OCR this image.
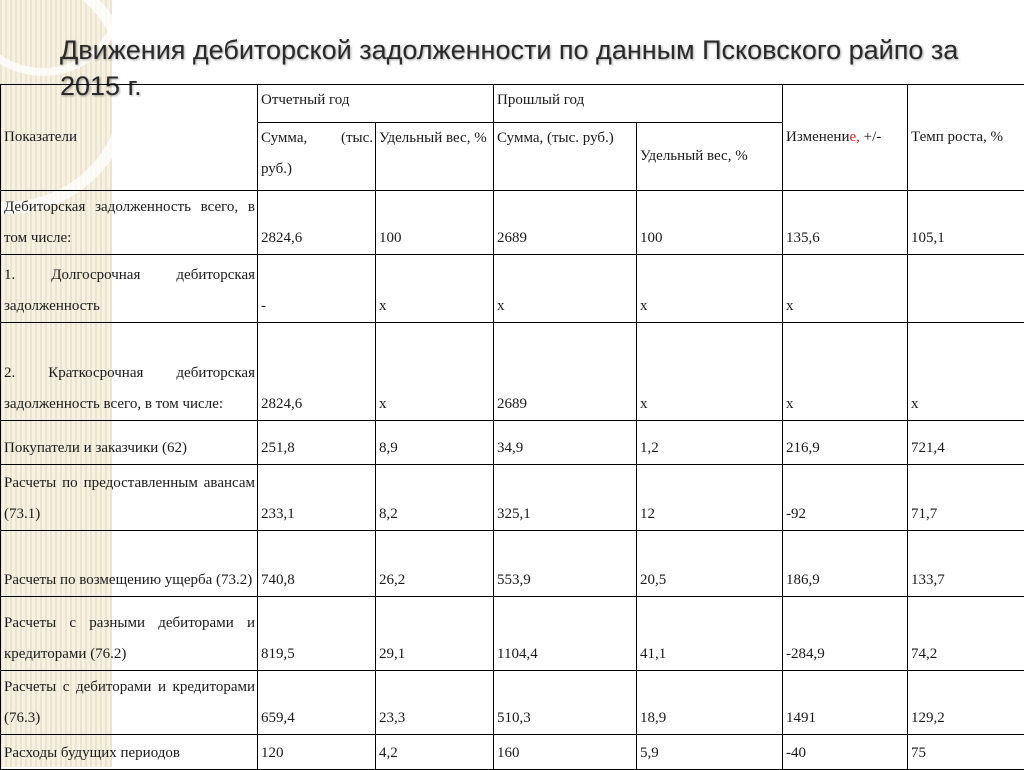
Движения дебиторской задолженности по данным Псковского райпо за 2015 г.
Показатели	Отчетный год		Прошлый год		Изменение, +/-	Темп роста, %
	Сумма, (тыс. руб.)	Удельный вес, %	Сумма, (тыс. руб.)	Удельный вес, %		
Дебиторская задолженность всего, в том числе:	2824,6	100	2689	100	135,6	105,1
1. Долгосрочная дебиторская задолженность	-	х	х	х	х	
2. Краткосрочная дебиторская задолженность всего, в том числе:	2824,6	х	2689	х	х	х
Покупатели и заказчики (62)	251,8	8,9	34,9	1,2	216,9	721,4
Расчеты по предоставленным авансам (73.1)	233,1	8,2	325,1	12	-92	71,7
Расчеты по возмещению ущерба (73.2)	740,8	26,2	553,9	20,5	186,9	133,7
Расчеты с разными дебиторами и кредиторами (76.2)	819,5	29,1	1104,4	41,1	-284,9	74,2
Расчеты с дебиторами и кредиторами (76.3)	659,4	23,3	510,3	18,9	1491	129,2
Расходы будущих периодов	120	4,2	160	5,9	-40	75
